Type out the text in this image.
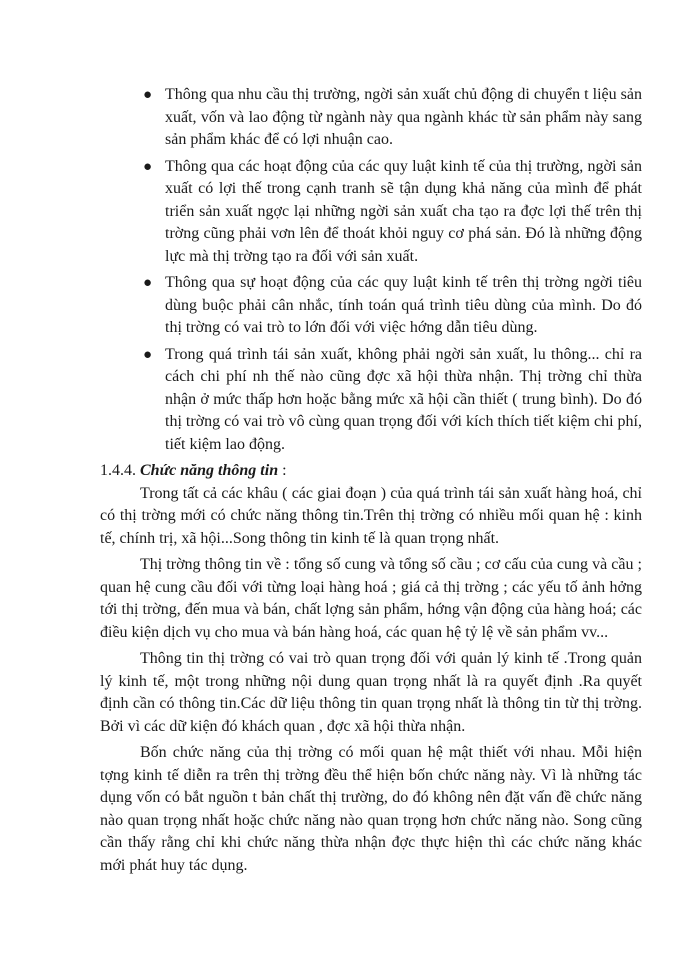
● Thông qua nhu cầu thị trường, ngời sản xuất chủ động di chuyển t liệu sản xuất, vốn và lao động từ ngành này qua ngành khác từ sản phẩm này sang sản phẩm khác để có lợi nhuận cao.
● Thông qua các hoạt động của các quy luật kinh tế của thị trường, ngời sản xuất có lợi thế trong cạnh tranh sẽ tận dụng khả năng của mình để phát triển sản xuất ngợc lại những ngời sản xuất cha tạo ra đợc lợi thế trên thị trờng cũng phải vơn lên để thoát khỏi nguy cơ phá sản. Đó là những động lực mà thị trờng tạo ra đối với sản xuất.
● Thông qua sự hoạt động của các quy luật kinh tế trên thị trờng ngời tiêu dùng buộc phải cân nhắc, tính toán quá trình tiêu dùng của mình. Do đó thị trờng có vai trò to lớn đối với việc hớng dẫn tiêu dùng.
● Trong quá trình tái sản xuất, không phải ngời sản xuất, lu thông... chỉ ra cách chi phí nh thế nào cũng đợc xã hội thừa nhận. Thị trờng chỉ thừa nhận ở mức thấp hơn hoặc bằng mức xã hội cần thiết ( trung bình). Do đó thị trờng có vai trò vô cùng quan trọng đối với kích thích tiết kiệm chi phí, tiết kiệm lao động.
1.4.4. Chức năng thông tin :

Trong tất cả các khâu ( các giai đoạn ) của quá trình tái sản xuất hàng hoá, chỉ có thị trờng mới có chức năng thông tin.Trên thị trờng có nhiều mối quan hệ : kinh tế, chính trị, xã hội...Song thông tin kinh tế là quan trọng nhất.

Thị trờng thông tin về : tổng số cung và tổng số cầu ; cơ cấu của cung và cầu ; quan hệ cung cầu đối với từng loại hàng hoá ; giá cả thị trờng ; các yếu tố ảnh hởng tới thị trờng, đến mua và bán, chất lợng sản phẩm, hớng vận động của hàng hoá; các điều kiện dịch vụ cho mua và bán hàng hoá, các quan hệ tỷ lệ về sản phẩm vv...

Thông tin thị trờng có vai trò quan trọng đối với quản lý kinh tế .Trong quản lý kinh tế, một trong những nội dung quan trọng nhất là ra quyết định .Ra quyết định cần có thông tin.Các dữ liệu thông tin quan trọng nhất là thông tin từ thị trờng. Bởi vì các dữ kiện đó khách quan , đợc xã hội thừa nhận.

Bốn chức năng của thị trờng có mối quan hệ mật thiết với nhau. Mỗi hiện tợng kinh tế diễn ra trên thị trờng đều thể hiện bốn chức năng này. Vì là những tác dụng vốn có bắt nguồn t bản chất thị trường, do đó không nên đặt vấn đề chức năng nào quan trọng nhất hoặc chức năng nào quan trọng hơn chức năng nào. Song cũng cần thấy rằng chỉ khi chức năng thừa nhận đợc thực hiện thì các chức năng khác mới phát huy tác dụng.
